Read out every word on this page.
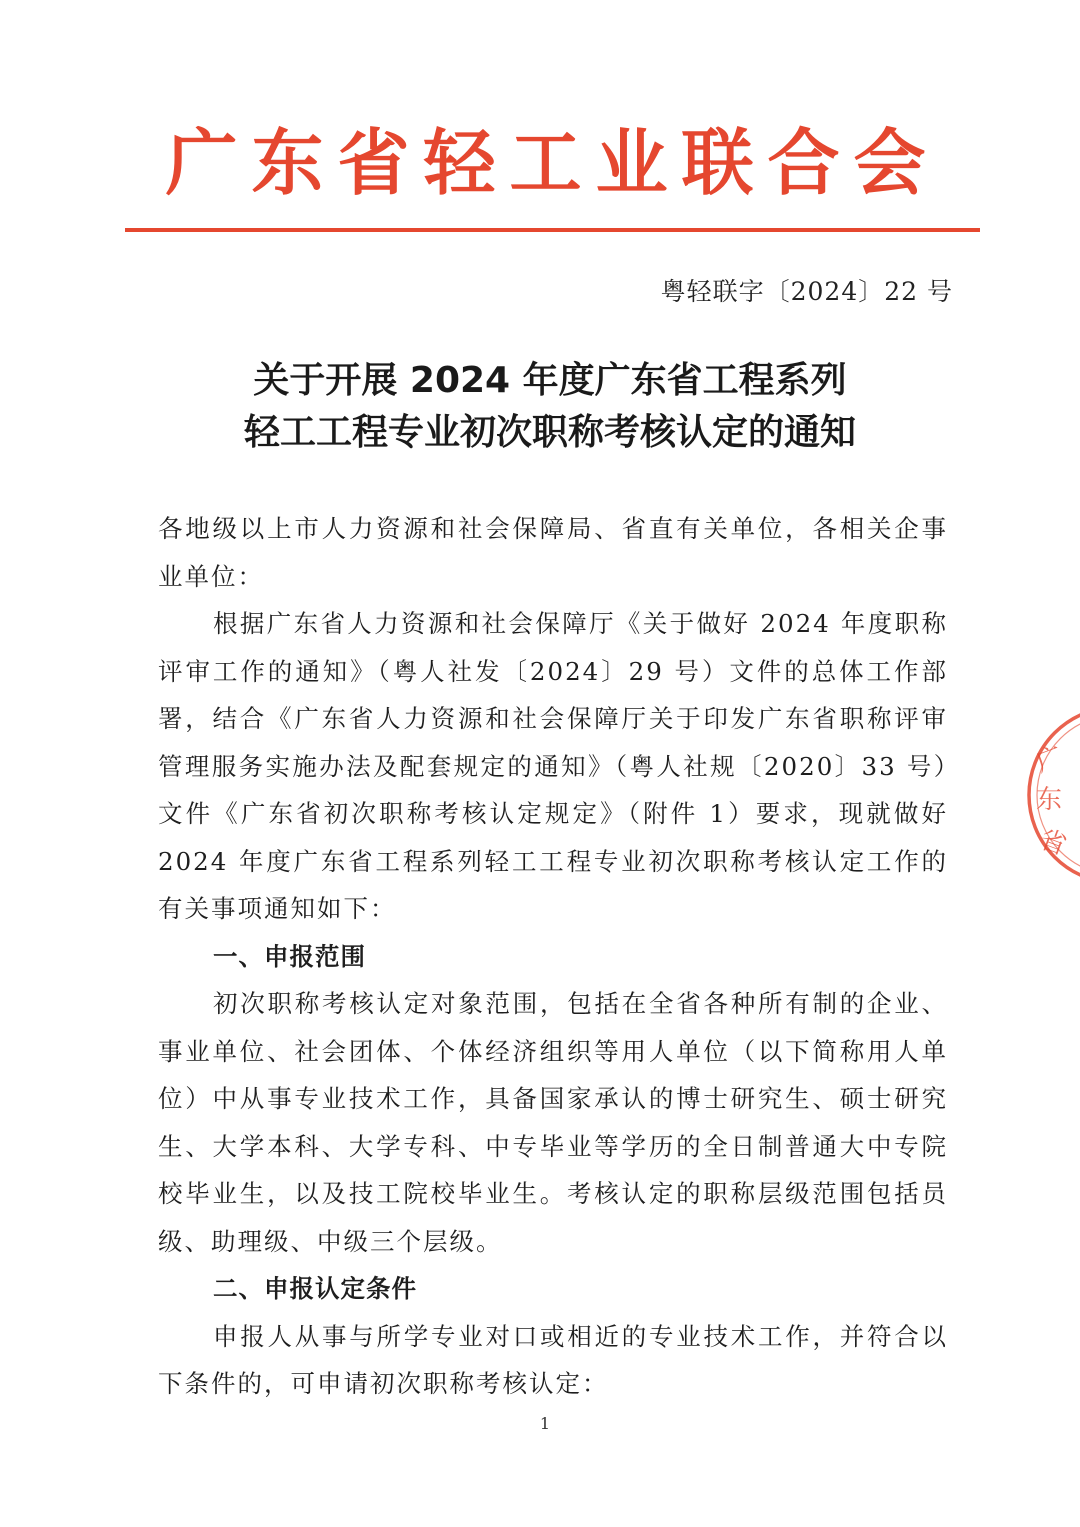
广东省轻工业联合会
粤轻联字〔2024〕22 号
关于开展 2024 年度广东省工程系列
轻工工程专业初次职称考核认定的通知

各地级以上市人力资源和社会保障局、省直有关单位，各相关企事业单位：

根据广东省人力资源和社会保障厅《关于做好 2024 年度职称评审工作的通知》（粤人社发〔2024〕29 号）文件的总体工作部署，结合《广东省人力资源和社会保障厅关于印发广东省职称评审管理服务实施办法及配套规定的通知》（粤人社规〔2020〕33 号）文件《广东省初次职称考核认定规定》（附件 1）要求，现就做好 2024 年度广东省工程系列轻工工程专业初次职称考核认定工作的有关事项通知如下：

一、申报范围

初次职称考核认定对象范围，包括在全省各种所有制的企业、事业单位、社会团体、个体经济组织等用人单位（以下简称用人单位）中从事专业技术工作，具备国家承认的博士研究生、硕士研究生、大学本科、大学专科、中专毕业等学历的全日制普通大中专院校毕业生，以及技工院校毕业生。考核认定的职称层级范围包括员级、助理级、中级三个层级。

二、申报认定条件

申报人从事与所学专业对口或相近的专业技术工作，并符合以下条件的，可申请初次职称考核认定：

广
东
省
1
